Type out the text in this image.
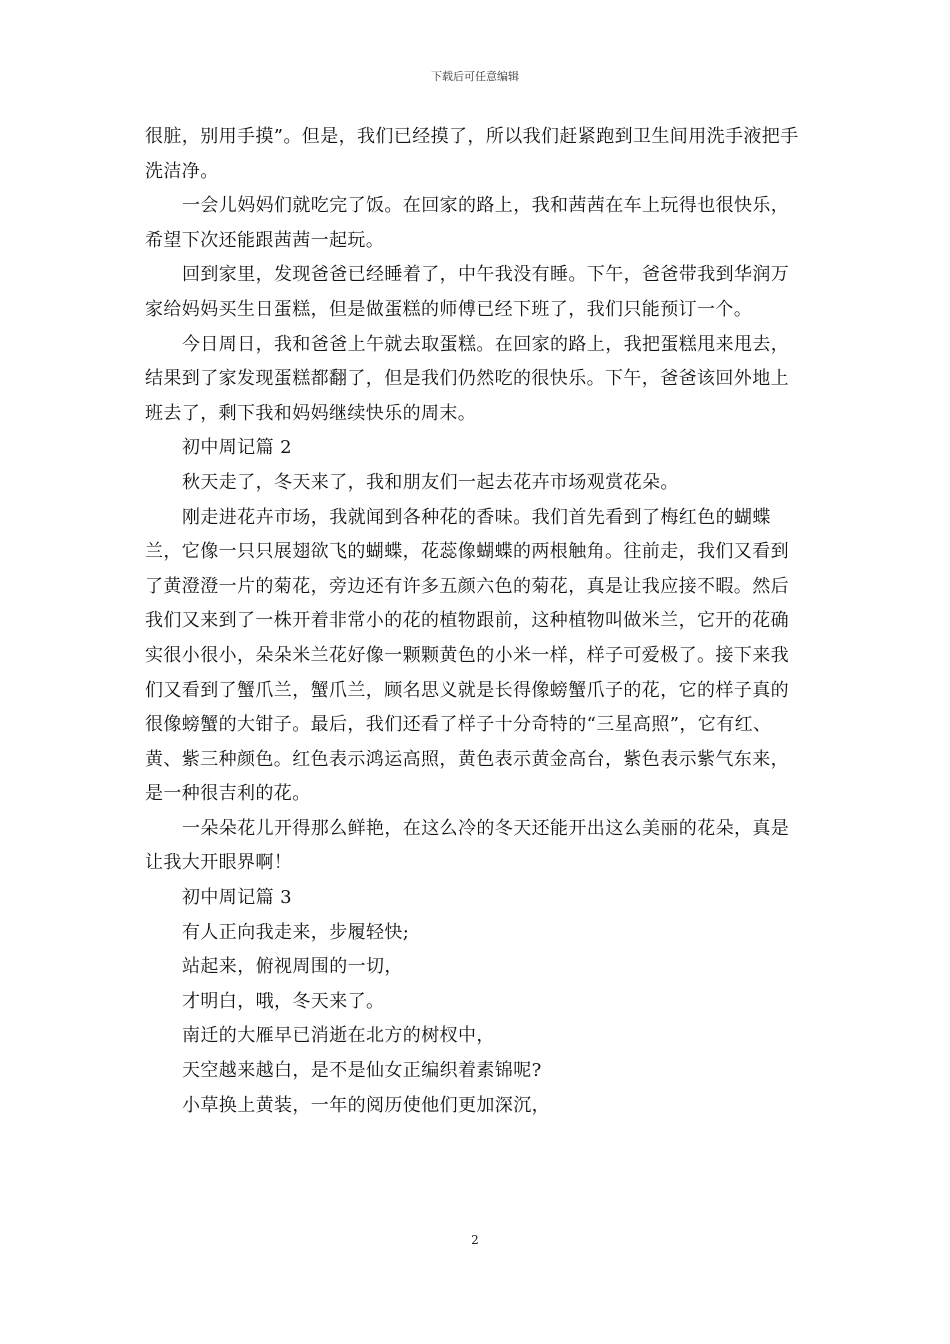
下载后可任意编辑

很脏，别用手摸”。但是，我们已经摸了，所以我们赶紧跑到卫生间用洗手液把手洗洁净。

一会儿妈妈们就吃完了饭。在回家的路上，我和茜茜在车上玩得也很快乐，希望下次还能跟茜茜一起玩。

回到家里，发现爸爸已经睡着了，中午我没有睡。下午，爸爸带我到华润万家给妈妈买生日蛋糕，但是做蛋糕的师傅已经下班了，我们只能预订一个。

今日周日，我和爸爸上午就去取蛋糕。在回家的路上，我把蛋糕甩来甩去，结果到了家发现蛋糕都翻了，但是我们仍然吃的很快乐。下午，爸爸该回外地上班去了，剩下我和妈妈继续快乐的周末。

初中周记篇 2

秋天走了，冬天来了，我和朋友们一起去花卉市场观赏花朵。

刚走进花卉市场，我就闻到各种花的香味。我们首先看到了梅红色的蝴蝶兰，它像一只只展翅欲飞的蝴蝶，花蕊像蝴蝶的两根触角。往前走，我们又看到了黄澄澄一片的菊花，旁边还有许多五颜六色的菊花，真是让我应接不暇。然后我们又来到了一株开着非常小的花的植物跟前，这种植物叫做米兰，它开的花确实很小很小，朵朵米兰花好像一颗颗黄色的小米一样，样子可爱极了。接下来我们又看到了蟹爪兰，蟹爪兰，顾名思义就是长得像螃蟹爪子的花，它的样子真的很像螃蟹的大钳子。最后，我们还看了样子十分奇特的“三星高照”，它有红、黄、紫三种颜色。红色表示鸿运高照，黄色表示黄金高台，紫色表示紫气东来，是一种很吉利的花。

一朵朵花儿开得那么鲜艳，在这么冷的冬天还能开出这么美丽的花朵，真是让我大开眼界啊！

初中周记篇 3

有人正向我走来，步履轻快;

站起来，俯视周围的一切，

才明白，哦，冬天来了。

南迁的大雁早已消逝在北方的树杈中，

天空越来越白，是不是仙女正编织着素锦呢?

小草换上黄装，一年的阅历使他们更加深沉，

2
